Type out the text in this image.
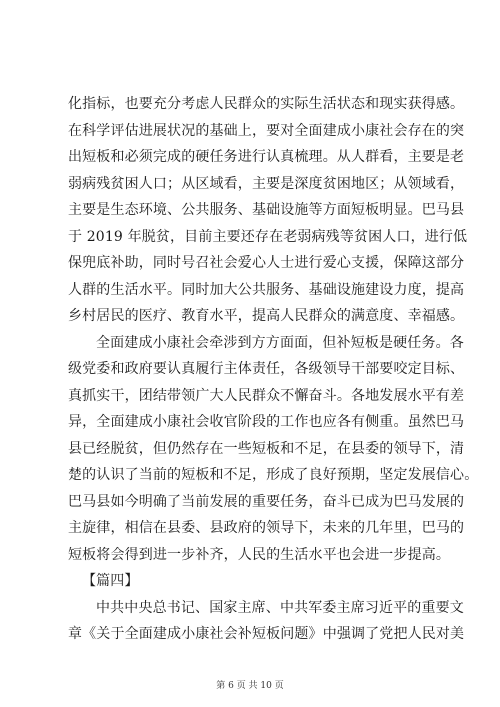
化指标，也要充分考虑人民群众的实际生活状态和现实获得感。
在科学评估进展状况的基础上，要对全面建成小康社会存在的突
出短板和必须完成的硬任务进行认真梳理。从人群看，主要是老
弱病残贫困人口；从区域看，主要是深度贫困地区；从领域看，
主要是生态环境、公共服务、基础设施等方面短板明显。巴马县
于 2019 年脱贫，目前主要还存在老弱病残等贫困人口，进行低
保兜底补助，同时号召社会爱心人士进行爱心支援，保障这部分
人群的生活水平。同时加大公共服务、基础设施建设力度，提高
乡村居民的医疗、教育水平，提高人民群众的满意度、幸福感。
全面建成小康社会牵涉到方方面面，但补短板是硬任务。各
级党委和政府要认真履行主体责任，各级领导干部要咬定目标、
真抓实干，团结带领广大人民群众不懈奋斗。各地发展水平有差
异，全面建成小康社会收官阶段的工作也应各有侧重。虽然巴马
县已经脱贫，但仍然存在一些短板和不足，在县委的领导下，清
楚的认识了当前的短板和不足，形成了良好预期，坚定发展信心。
巴马县如今明确了当前发展的重要任务，奋斗已成为巴马发展的
主旋律，相信在县委、县政府的领导下，未来的几年里，巴马的
短板将会得到进一步补齐，人民的生活水平也会进一步提高。
【篇四】
中共中央总书记、国家主席、中共军委主席习近平的重要文
章《关于全面建成小康社会补短板问题》中强调了党把人民对美
第 6 页 共 10 页
